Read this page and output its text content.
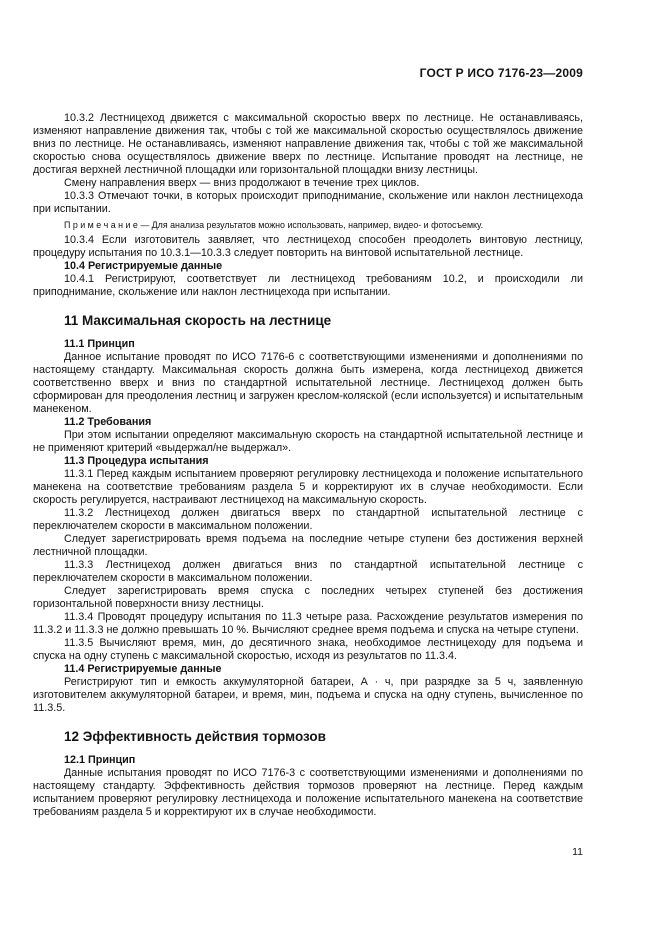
ГОСТ Р ИСО 7176-23—2009

10.3.2 Лестницеход движется с максимальной скоростью вверх по лестнице. Не останавливаясь, изменяют направление движения так, чтобы с той же максимальной скоростью осуществлялось движение вниз по лестнице. Не останавливаясь, изменяют направление движения так, чтобы с той же максимальной скоростью снова осуществлялось движение вверх по лестнице. Испытание проводят на лестнице, не достигая верхней лестничной площадки или горизонтальной площадки внизу лестницы.

Смену направления вверх — вниз продолжают в течение трех циклов.

10.3.3 Отмечают точки, в которых происходит приподнимание, скольжение или наклон лестницехода при испытании.

П р и м е ч а н и е — Для анализа результатов можно использовать, например, видео- и фотосъемку.

10.3.4 Если изготовитель заявляет, что лестницеход способен преодолеть винтовую лестницу, процедуру испытания по 10.3.1—10.3.3 следует повторить на винтовой испытательной лестнице.

10.4 Регистрируемые данные

10.4.1 Регистрируют, соответствует ли лестницеход требованиям 10.2, и происходили ли приподнимание, скольжение или наклон лестницехода при испытании.

11 Максимальная скорость на лестнице
11.1 Принцип

Данное испытание проводят по ИСО 7176-6 с соответствующими изменениями и дополнениями по настоящему стандарту. Максимальная скорость должна быть измерена, когда лестницеход движется соответственно вверх и вниз по стандартной испытательной лестнице. Лестницеход должен быть сформирован для преодоления лестниц и загружен креслом-коляской (если используется) и испытательным манекеном.

11.2 Требования

При этом испытании определяют максимальную скорость на стандартной испытательной лестнице и не применяют критерий «выдержал/не выдержал».

11.3 Процедура испытания

11.3.1 Перед каждым испытанием проверяют регулировку лестницехода и положение испытательного манекена на соответствие требованиям раздела 5 и корректируют их в случае необходимости. Если скорость регулируется, настраивают лестницеход на максимальную скорость.

11.3.2 Лестницеход должен двигаться вверх по стандартной испытательной лестнице с переключателем скорости в максимальном положении.

Следует зарегистрировать время подъема на последние четыре ступени без достижения верхней лестничной площадки.

11.3.3 Лестницеход должен двигаться вниз по стандартной испытательной лестнице с переключателем скорости в максимальном положении.

Следует зарегистрировать время спуска с последних четырех ступеней без достижения горизонтальной поверхности внизу лестницы.

11.3.4 Проводят процедуру испытания по 11.3 четыре раза. Расхождение результатов измерения по 11.3.2 и 11.3.3 не должно превышать 10 %. Вычисляют среднее время подъема и спуска на четыре ступени.

11.3.5 Вычисляют время, мин, до десятичного знака, необходимое лестницеходу для подъема и спуска на одну ступень с максимальной скоростью, исходя из результатов по 11.3.4.

11.4 Регистрируемые данные

Регистрируют тип и емкость аккумуляторной батареи, А · ч, при разрядке за 5 ч, заявленную изготовителем аккумуляторной батареи, и время, мин, подъема и спуска на одну ступень, вычисленное по 11.3.5.

12 Эффективность действия тормозов
12.1 Принцип

Данные испытания проводят по ИСО 7176-3 с соответствующими изменениями и дополнениями по настоящему стандарту. Эффективность действия тормозов проверяют на лестнице. Перед каждым испытанием проверяют регулировку лестницехода и положение испытательного манекена на соответствие требованиям раздела 5 и корректируют их в случае необходимости.

11
